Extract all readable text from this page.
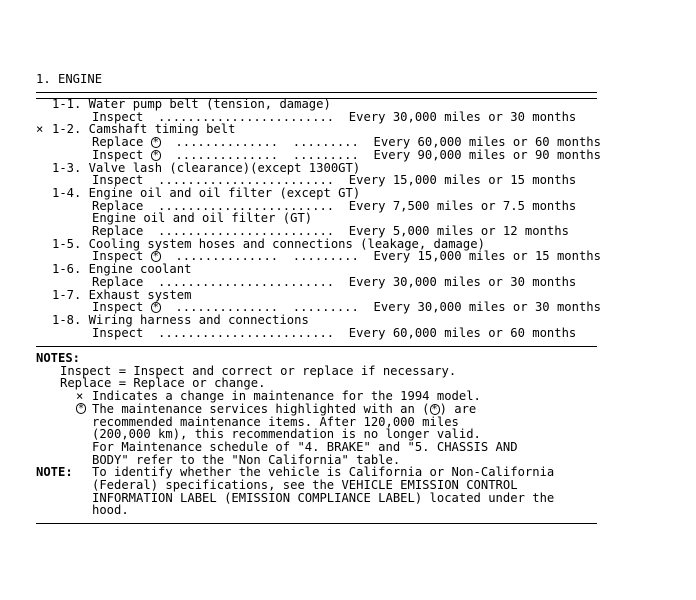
1. ENGINE
1-1. Water pump belt (tension, damage)
Inspect  ........................  Every 30,000 miles or 30 months
1-2. Camshaft timing belt
×
Replace *  ..............  .........  Every 60,000 miles or 60 months
Inspect *  ..............  .........  Every 90,000 miles or 90 months
1-3. Valve lash (clearance)(except 1300GT)
Inspect  ........................  Every 15,000 miles or 15 months
1-4. Engine oil and oil filter (except GT)
Replace  ........................  Every 7,500 miles or 7.5 months
Engine oil and oil filter (GT)
Replace  ........................  Every 5,000 miles or 12 months
1-5. Cooling system hoses and connections (leakage, damage)
Inspect *  ..............  .........  Every 15,000 miles or 15 months
1-6. Engine coolant
Replace  ........................  Every 30,000 miles or 30 months
1-7. Exhaust system
Inspect *  ..............  .........  Every 30,000 miles or 30 months
1-8. Wiring harness and connections
Inspect  ........................  Every 60,000 miles or 60 months
NOTES:
Inspect = Inspect and correct or replace if necessary.
Replace = Replace or change.
× Indicates a change in maintenance for the 1994 model.
* The maintenance services highlighted with an ( * ) are
recommended maintenance items. After 120,000 miles
(200,000 km), this recommendation is no longer valid.
For Maintenance schedule of "4. BRAKE" and "5. CHASSIS AND
BODY" refer to the "Non California" table.
NOTE: To identify whether the vehicle is California or Non-California
(Federal) specifications, see the VEHICLE EMISSION CONTROL
INFORMATION LABEL (EMISSION COMPLIANCE LABEL) located under the
hood.
